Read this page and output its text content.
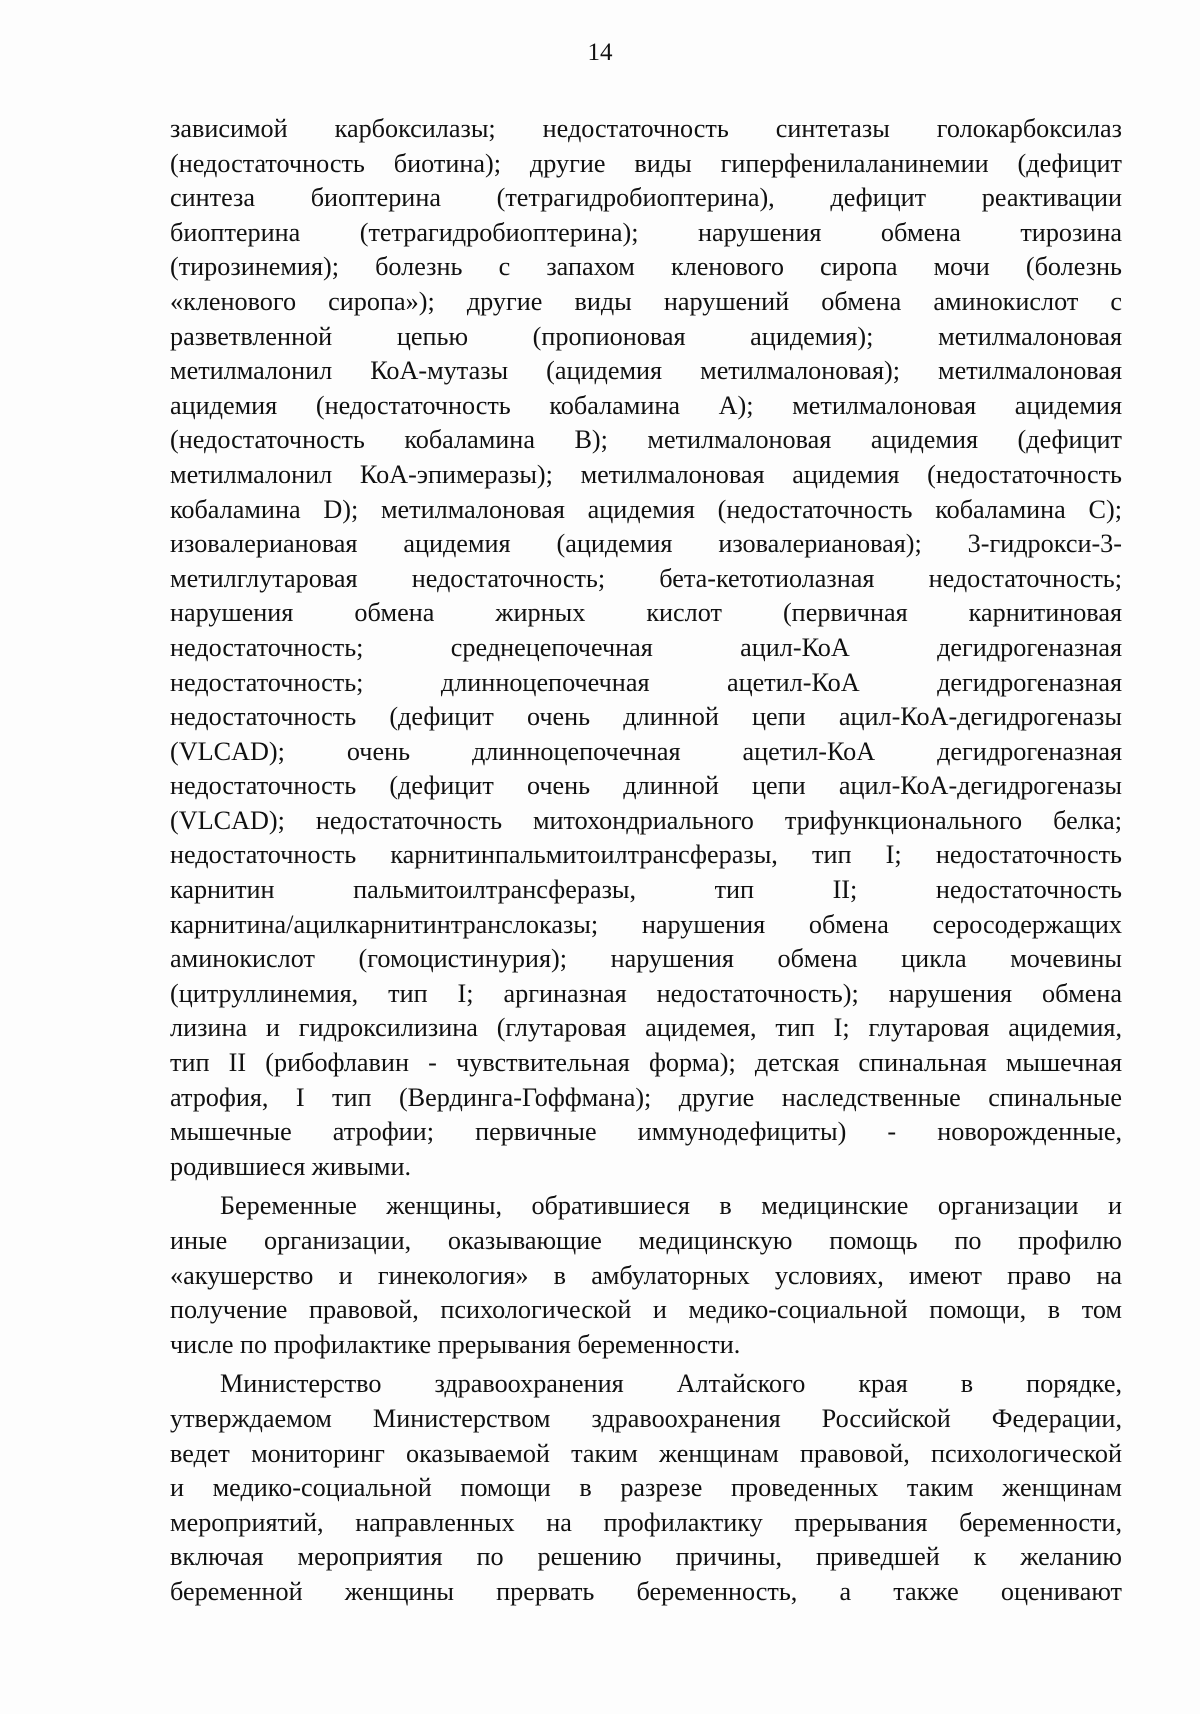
14

зависимой карбоксилазы; недостаточность синтетазы голокарбоксилаз

(недостаточность биотина); другие виды гиперфенилаланинемии (дефицит

синтеза биоптерина (тетрагидробиоптерина), дефицит реактивации

биоптерина (тетрагидробиоптерина); нарушения обмена тирозина

(тирозинемия); болезнь с запахом кленового сиропа мочи (болезнь

«кленового сиропа»); другие виды нарушений обмена аминокислот с

разветвленной цепью (пропионовая ацидемия); метилмалоновая

метилмалонил КоА-мутазы (ацидемия метилмалоновая); метилмалоновая

ацидемия (недостаточность кобаламина А); метилмалоновая ацидемия

(недостаточность кобаламина В); метилмалоновая ацидемия (дефицит

метилмалонил КоА-эпимеразы); метилмалоновая ацидемия (недостаточность

кобаламина D); метилмалоновая ацидемия (недостаточность кобаламина С);

изовалериановая ацидемия (ацидемия изовалериановая); 3-гидрокси-3-

метилглутаровая недостаточность; бета-кетотиолазная недостаточность;

нарушения обмена жирных кислот (первичная карнитиновая

недостаточность; среднецепочечная ацил-КоА дегидрогеназная

недостаточность; длинноцепочечная ацетил-КоА дегидрогеназная

недостаточность (дефицит очень длинной цепи ацил-КоА-дегидрогеназы

(VLCAD); очень длинноцепочечная ацетил-КоА дегидрогеназная

недостаточность (дефицит очень длинной цепи ацил-КоА-дегидрогеназы

(VLCAD); недостаточность митохондриального трифункционального белка;

недостаточность карнитинпальмитоилтрансферазы, тип I; недостаточность

карнитин пальмитоилтрансферазы, тип II; недостаточность

карнитина/ацилкарнитинтранслоказы; нарушения обмена серосодержащих

аминокислот (гомоцистинурия); нарушения обмена цикла мочевины

(цитруллинемия, тип I; аргиназная недостаточность); нарушения обмена

лизина и гидроксилизина (глутаровая ацидемея, тип I; глутаровая ацидемия,

тип II (рибофлавин - чувствительная форма); детская спинальная мышечная

атрофия, I тип (Вердинга-Гоффмана); другие наследственные спинальные

мышечные атрофии; первичные иммунодефициты) - новорожденные,

родившиеся живыми.

Беременные женщины, обратившиеся в медицинские организации и

иные организации, оказывающие медицинскую помощь по профилю

«акушерство и гинекология» в амбулаторных условиях, имеют право на

получение правовой, психологической и медико-социальной помощи, в том

числе по профилактике прерывания беременности.

Министерство здравоохранения Алтайского края в порядке,

утверждаемом Министерством здравоохранения Российской Федерации,

ведет мониторинг оказываемой таким женщинам правовой, психологической

и медико-социальной помощи в разрезе проведенных таким женщинам

мероприятий, направленных на профилактику прерывания беременности,

включая мероприятия по решению причины, приведшей к желанию

беременной женщины прервать беременность, а также оценивают
